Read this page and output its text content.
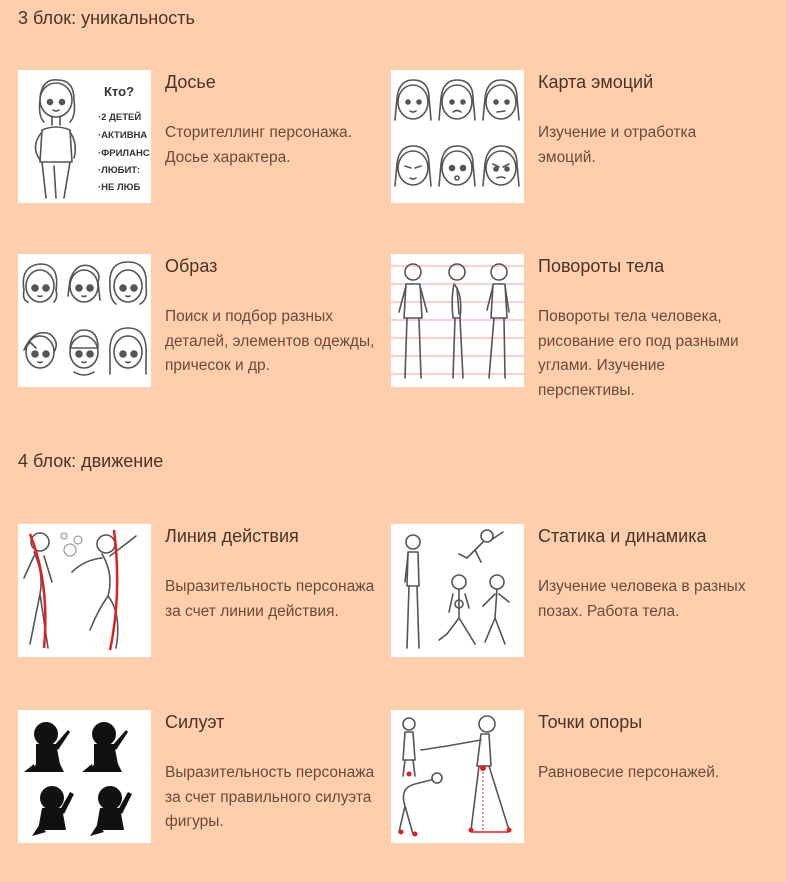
3 блок: уникальность
Кто?
·2 ДЕТЕЙ
·АКТИВНА
·ФРИЛАНС
·ЛЮБИТ:
·НЕ ЛЮБ
Досье

Сторителлинг персонажа. Досье характера.

Карта эмоций

Изучение и отработка эмоций.

Образ

Поиск и подбор разных деталей, элементов одежды, причесок и др.

Повороты тела

Повороты тела человека, рисование его под разными углами. Изучение перспективы.

4 блок: движение
Линия действия

Выразительность персонажа за счет линии действия.

Статика и динамика

Изучение человека в разных позах. Работа тела.

Силуэт

Выразительность персонажа за счет правильного силуэта фигуры.

Точки опоры

Равновесие персонажей.
